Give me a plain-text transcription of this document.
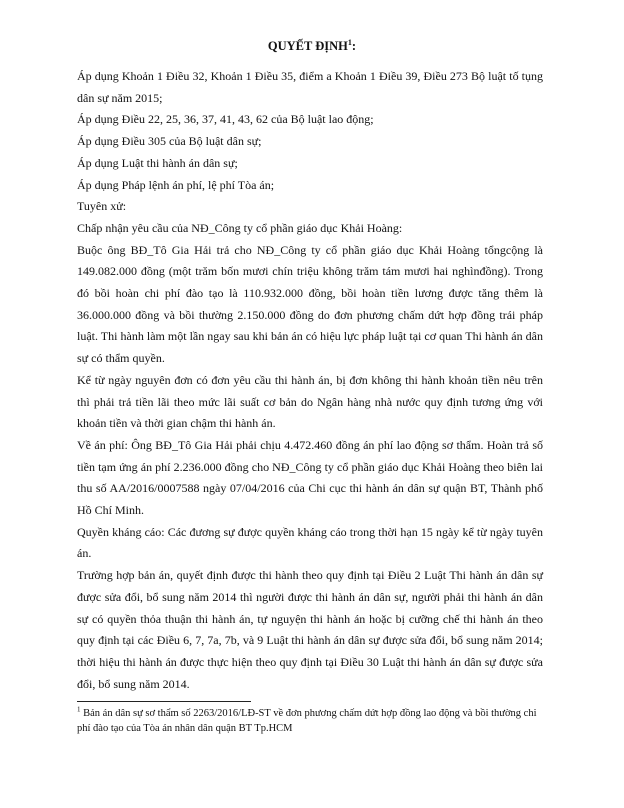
QUYẾT ĐỊNH$^1$:

Áp dụng Khoản 1 Điều 32, Khoản 1 Điều 35, điểm a Khoản 1 Điều 39, Điều 273 Bộ luật tố tụng dân sự năm 2015;

Áp dụng Điều 22, 25, 36, 37, 41, 43, 62 của Bộ luật lao động;

Áp dụng Điều 305 của Bộ luật dân sự;

Áp dụng Luật thi hành án dân sự;

Áp dụng Pháp lệnh án phí, lệ phí Tòa án;

Tuyên xử:

Chấp nhận yêu cầu của NĐ_Công ty cổ phần giáo dục Khải Hoàng:

Buộc ông BĐ_Tô Gia Hải trả cho NĐ_Công ty cổ phần giáo dục Khải Hoàng tổngcộng là 149.082.000 đồng (một trăm bốn mươi chín triệu không trăm tám mươi hai nghìnđồng). Trong đó bồi hoàn chi phí đào tạo là 110.932.000 đồng, bồi hoàn tiền lương được tăng thêm là 36.000.000 đồng và bồi thường 2.150.000 đồng do đơn phương chấm dứt hợp đồng trái pháp luật. Thi hành làm một lần ngay sau khi bản án có hiệu lực pháp luật tại cơ quan Thi hành án dân sự có thẩm quyền.

Kể từ ngày nguyên đơn có đơn yêu cầu thi hành án, bị đơn không thi hành khoản tiền nêu trên thì phải trả tiền lãi theo mức lãi suất cơ bản do Ngân hàng nhà nước quy định tương ứng với khoản tiền và thời gian chậm thi hành án.

Về án phí: Ông BĐ_Tô Gia Hải phải chịu 4.472.460 đồng án phí lao động sơ thẩm. Hoàn trả số tiền tạm ứng án phí 2.236.000 đồng cho NĐ_Công ty cổ phần giáo dục Khải Hoàng theo biên lai thu số AA/2016/0007588 ngày 07/04/2016 của Chi cục thi hành án dân sự quận BT, Thành phố Hồ Chí Minh.

Quyền kháng cáo: Các đương sự được quyền kháng cáo trong thời hạn 15 ngày kể từ ngày tuyên án.

Trường hợp bản án, quyết định được thi hành theo quy định tại Điều 2 Luật Thi hành án dân sự được sửa đổi, bổ sung năm 2014 thì người được thi hành án dân sự, người phải thi hành án dân sự có quyền thỏa thuận thi hành án, tự nguyện thi hành án hoặc bị cưỡng chế thi hành án theo quy định tại các Điều 6, 7, 7a, 7b, và 9 Luật thi hành án dân sự được sửa đổi, bổ sung năm 2014; thời hiệu thi hành án được thực hiện theo quy định tại Điều 30 Luật thi hành án dân sự được sửa đổi, bổ sung năm 2014.

$^1$ Bản án dân sự sơ thẩm số 2263/2016/LĐ-ST về đơn phương chấm dứt hợp đồng lao động và bồi thường chi phí đào tạo của Tòa án nhân dân quận BT Tp.HCM
